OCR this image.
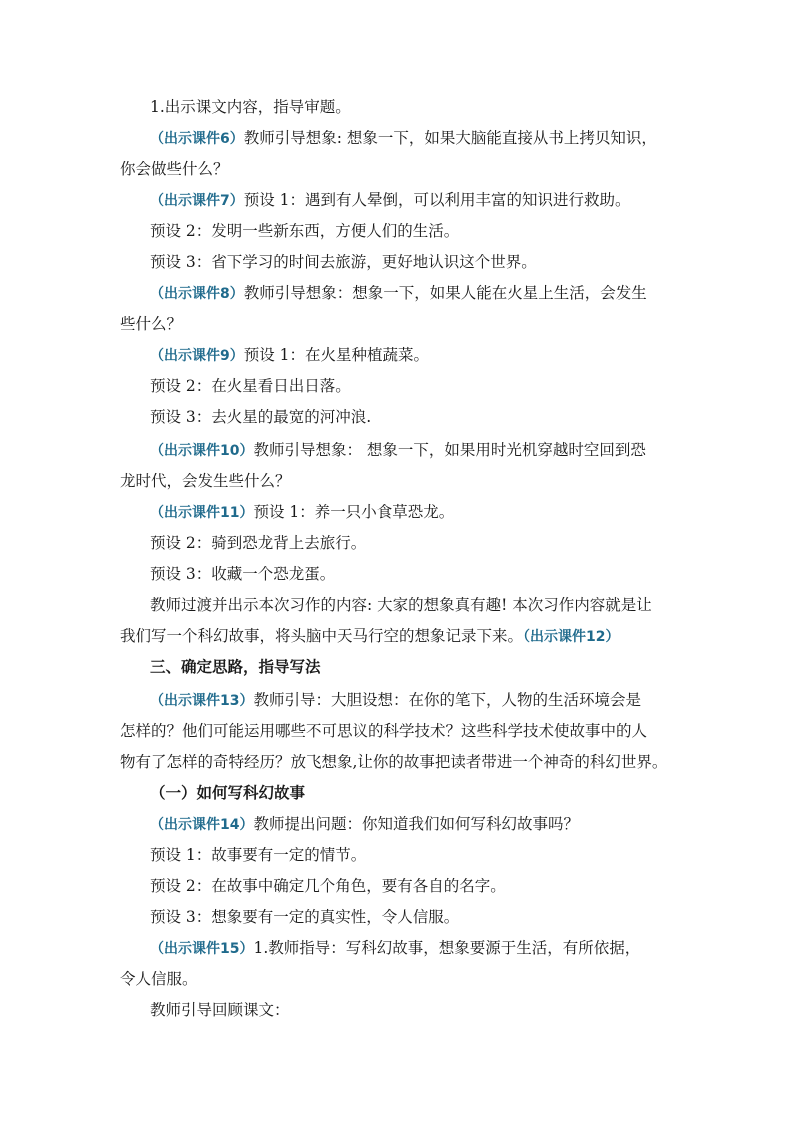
1.出示课文内容，指导审题。
（出示课件6）教师引导想象: 想象一下，如果大脑能直接从书上拷贝知识，
你会做些什么？
（出示课件7）预设 1：遇到有人晕倒，可以利用丰富的知识进行救助。
预设 2：发明一些新东西，方便人们的生活。
预设 3：省下学习的时间去旅游，更好地认识这个世界。
（出示课件8）教师引导想象：想象一下，如果人能在火星上生活，会发生
些什么？
（出示课件9）预设 1：在火星种植蔬菜。
预设 2：在火星看日出日落。
预设 3：去火星的最宽的河冲浪.
（出示课件10）教师引导想象： 想象一下，如果用时光机穿越时空回到恐
龙时代，会发生些什么？
（出示课件11）预设 1：养一只小食草恐龙。
预设 2：骑到恐龙背上去旅行。
预设 3：收藏一个恐龙蛋。
教师过渡并出示本次习作的内容: 大家的想象真有趣! 本次习作内容就是让
我们写一个科幻故事，将头脑中天马行空的想象记录下来。（出示课件12）
三、确定思路，指导写法
（出示课件13）教师引导：大胆设想：在你的笔下，人物的生活环境会是
怎样的？他们可能运用哪些不可思议的科学技术？这些科学技术使故事中的人
物有了怎样的奇特经历？放飞想象,让你的故事把读者带进一个神奇的科幻世界。
（一）如何写科幻故事
（出示课件14）教师提出问题：你知道我们如何写科幻故事吗？
预设 1：故事要有一定的情节。
预设 2：在故事中确定几个角色，要有各自的名字。
预设 3：想象要有一定的真实性，令人信服。
（出示课件15）1.教师指导：写科幻故事，想象要源于生活，有所依据，
令人信服。
教师引导回顾课文：
